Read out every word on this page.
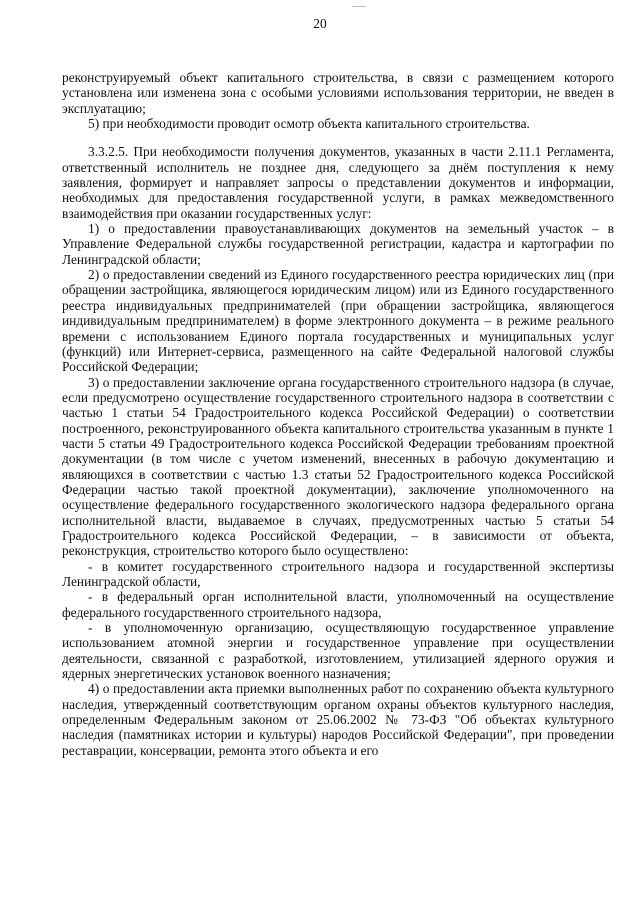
20

реконструируемый объект капитального строительства, в связи с размещением которого установлена или изменена зона с особыми условиями использования территории, не введен в эксплуатацию;

5) при необходимости проводит осмотр объекта капитального строительства.

3.3.2.5. При необходимости получения документов, указанных в части 2.11.1 Регламента, ответственный исполнитель не позднее дня, следующего за днём поступления к нему заявления, формирует и направляет запросы о представлении документов и информации, необходимых для предоставления государственной услуги, в рамках межведомственного взаимодействия при оказании государственных услуг:

1) о предоставлении правоустанавливающих документов на земельный участок – в Управление Федеральной службы государственной регистрации, кадастра и картографии по Ленинградской области;

2) о предоставлении сведений из Единого государственного реестра юридических лиц (при обращении застройщика, являющегося юридическим лицом) или из Единого государственного реестра индивидуальных предпринимателей (при обращении застройщика, являющегося индивидуальным предпринимателем) в форме электронного документа – в режиме реального времени с использованием Единого портала государственных и муниципальных услуг (функций) или Интернет-сервиса, размещенного на сайте Федеральной налоговой службы Российской Федерации;

3) о предоставлении заключение органа государственного строительного надзора (в случае, если предусмотрено осуществление государственного строительного надзора в соответствии с частью 1 статьи 54 Градостроительного кодекса Российской Федерации) о соответствии построенного, реконструированного объекта капитального строительства указанным в пункте 1 части 5 статьи 49 Градостроительного кодекса Российской Федерации требованиям проектной документации (в том числе с учетом изменений, внесенных в рабочую документацию и являющихся в соответствии с частью 1.3 статьи 52 Градостроительного кодекса Российской Федерации частью такой проектной документации), заключение уполномоченного на осуществление федерального государственного экологического надзора федерального органа исполнительной власти, выдаваемое в случаях, предусмотренных частью 5 статьи 54 Градостроительного кодекса Российской Федерации, – в зависимости от объекта, реконструкция, строительство которого было осуществлено:

- в комитет государственного строительного надзора и государственной экспертизы Ленинградской области,

- в федеральный орган исполнительной власти, уполномоченный на осуществление федерального государственного строительного надзора,

- в уполномоченную организацию, осуществляющую государственное управление использованием атомной энергии и государственное управление при осуществлении деятельности, связанной с разработкой, изготовлением, утилизацией ядерного оружия и ядерных энергетических установок военного назначения;

4) о предоставлении акта приемки выполненных работ по сохранению объекта культурного наследия, утвержденный соответствующим органом охраны объектов культурного наследия, определенным Федеральным законом от 25.06.2002 № 73-ФЗ "Об объектах культурного наследия (памятниках истории и культуры) народов Российской Федерации", при проведении реставрации, консервации, ремонта этого объекта и его
